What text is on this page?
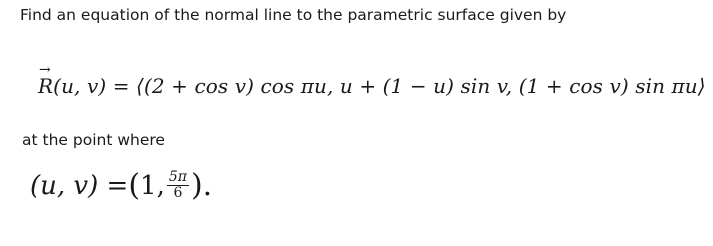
Find an equation of the normal line to the parametric surface given by
→ R(u, v) = ⟨(2 + cos v) cos πu, u + (1 − u) sin v, (1 + cos v) sin πu⟩
at the point where
(u, v) = ( 1, $\frac{5\pi}{6}$ ).
